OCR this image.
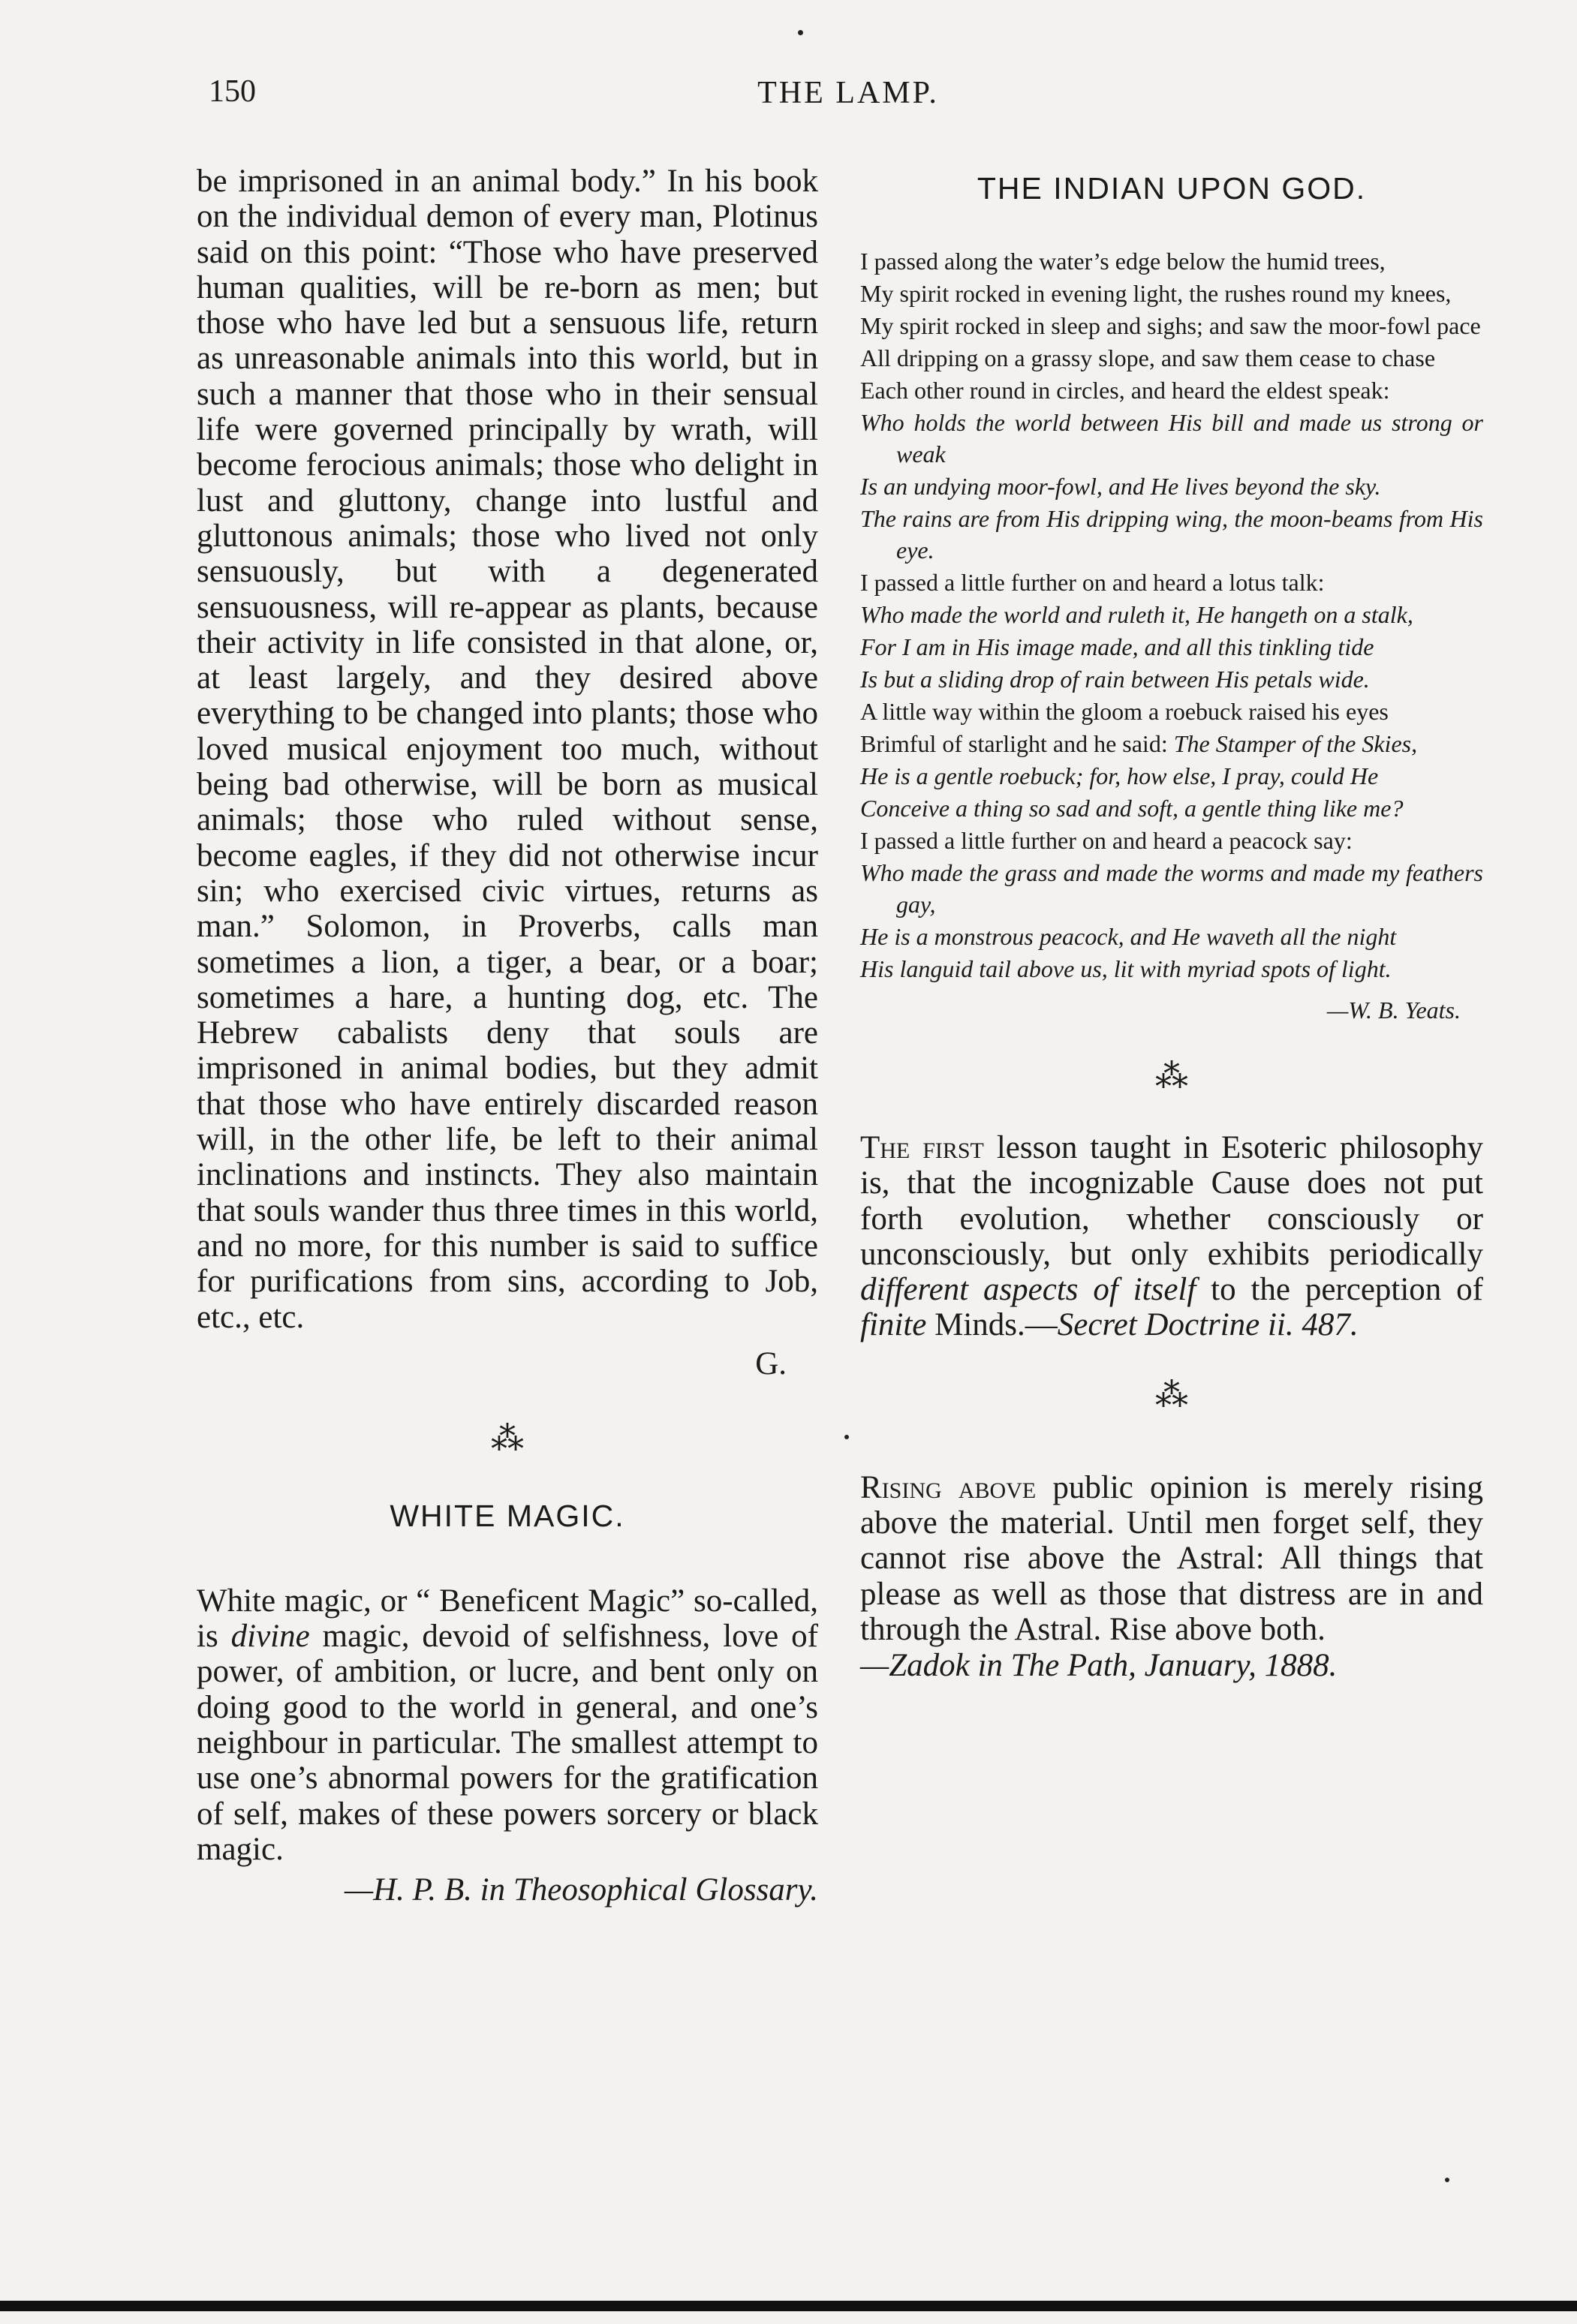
150	THE LAMP.

be imprisoned in an animal body.” In his book on the individual demon of every man, Plotinus said on this point: “Those who have preserved human qualities, will be re-born as men; but those who have led but a sensuous life, return as unreasonable animals into this world, but in such a manner that those who in their sensual life were governed principally by wrath, will become ferocious animals; those who delight in lust and gluttony, change into lustful and gluttonous animals; those who lived not only sensuously, but with a degenerated sensuousness, will re-appear as plants, because their activity in life consisted in that alone, or, at least largely, and they desired above everything to be changed into plants; those who loved musical enjoyment too much, without being bad otherwise, will be born as musical animals; those who ruled without sense, become eagles, if they did not otherwise incur sin; who exercised civic virtues, returns as man.” Solomon, in Proverbs, calls man sometimes a lion, a tiger, a bear, or a boar; sometimes a hare, a hunting dog, etc. The Hebrew cabalists deny that souls are imprisoned in animal bodies, but they admit that those who have entirely discarded reason will, in the other life, be left to their animal inclinations and instincts. They also maintain that souls wander thus three times in this world, and no more, for this number is said to suffice for purifications from sins, according to Job, etc., etc.

G.
⁂
WHITE MAGIC.

White magic, or “ Beneficent Magic” so-called, is divine magic, devoid of selfishness, love of power, of ambition, or lucre, and bent only on doing good to the world in general, and one’s neighbour in particular. The smallest attempt to use one’s abnormal powers for the gratification of self, makes of these powers sorcery or black magic.

—H. P. B. in Theosophical Glossary.

THE INDIAN UPON GOD.
I passed along the water’s edge below the humid trees,
My spirit rocked in evening light, the rushes round my knees,
My spirit rocked in sleep and sighs; and saw the moor-fowl pace
All dripping on a grassy slope, and saw them cease to chase
Each other round in circles, and heard the eldest speak:
Who holds the world between His bill and made us strong or weak
Is an undying moor-fowl, and He lives beyond the sky.
The rains are from His dripping wing, the moon-beams from His eye.
I passed a little further on and heard a lotus talk:
Who made the world and ruleth it, He hangeth on a stalk,
For I am in His image made, and all this tinkling tide
Is but a sliding drop of rain between His petals wide.
A little way within the gloom a roebuck raised his eyes
Brimful of starlight and he said: The Stamper of the Skies,
He is a gentle roebuck; for, how else, I pray, could He
Conceive a thing so sad and soft, a gentle thing like me?
I passed a little further on and heard a peacock say:
Who made the grass and made the worms and made my feathers gay,
He is a monstrous peacock, and He waveth all the night
His languid tail above us, lit with myriad spots of light.
—W. B. Yeats.
⁂

The first lesson taught in Esoteric philosophy is, that the incognizable Cause does not put forth evolution, whether consciously or unconsciously, but only exhibits periodically different aspects of itself to the perception of finite Minds.—Secret Doctrine ii. 487.

⁂

Rising above public opinion is merely rising above the material. Until men forget self, they cannot rise above the Astral: All things that please as well as those that distress are in and through the Astral. Rise above both.

—Zadok in The Path, January, 1888.
